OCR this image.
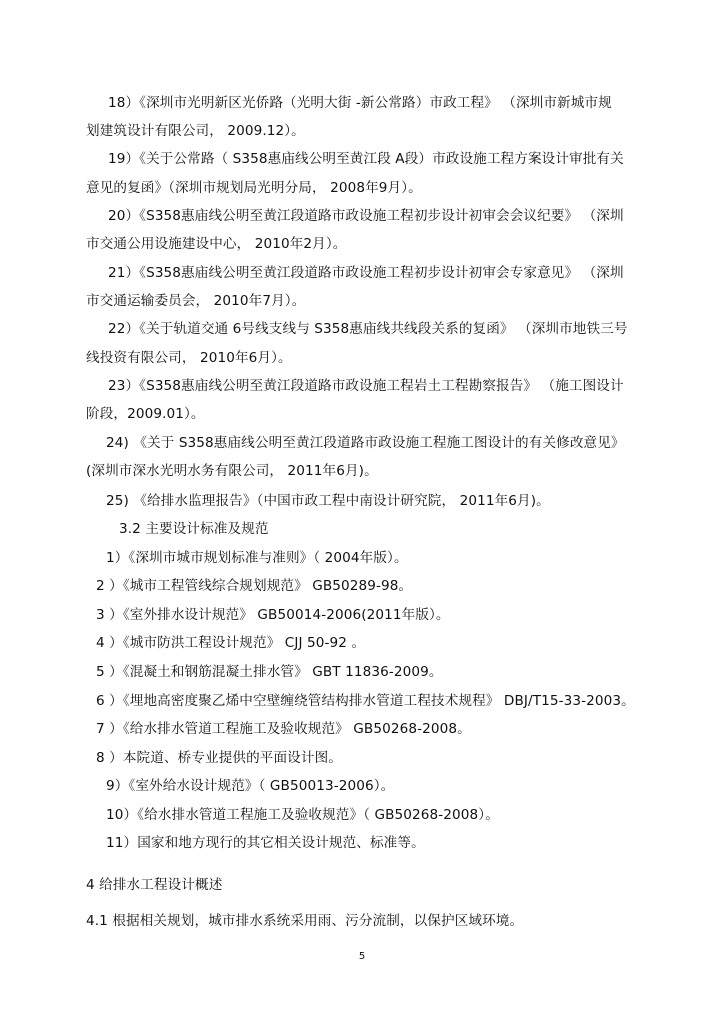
18）《深圳市光明新区光侨路（光明大街 -新公常路）市政工程》 （深圳市新城市规
划建筑设计有限公司， 2009.12）。
19）《关于公常路（ S358惠庙线公明至黄江段 A段）市政设施工程方案设计审批有关
意见的复函》（深圳市规划局光明分局， 2008年9月）。
20）《S358惠庙线公明至黄江段道路市政设施工程初步设计初审会会议纪要》 （深圳
市交通公用设施建设中心， 2010年2月）。
21）《S358惠庙线公明至黄江段道路市政设施工程初步设计初审会专家意见》 （深圳
市交通运输委员会， 2010年7月）。
22）《关于轨道交通 6号线支线与 S358惠庙线共线段关系的复函》 （深圳市地铁三号
线投资有限公司， 2010年6月）。
23）《S358惠庙线公明至黄江段道路市政设施工程岩土工程勘察报告》 （施工图设计
阶段，2009.01）。
24) 《关于 S358惠庙线公明至黄江段道路市政设施工程施工图设计的有关修改意见》
(深圳市深水光明水务有限公司， 2011年6月)。
25) 《给排水监理报告》（中国市政工程中南设计研究院， 2011年6月)。
3.2 主要设计标准及规范
1）《深圳市城市规划标准与准则》（ 2004年版）。
2 ）《城市工程管线综合规划规范》 GB50289-98。
3 ）《室外排水设计规范》 GB50014-2006(2011年版）。
4 ）《城市防洪工程设计规范》 CJJ 50-92 。
5 ）《混凝土和钢筋混凝土排水管》 GBT 11836-2009。
6 ）《埋地高密度聚乙烯中空壁缠绕管结构排水管道工程技术规程》 DBJ/T15-33-2003。
7 ）《给水排水管道工程施工及验收规范》 GB50268-2008。
8 ）本院道、桥专业提供的平面设计图。
9）《室外给水设计规范》（ GB50013-2006）。
10）《给水排水管道工程施工及验收规范》（ GB50268-2008）。
11）国家和地方现行的其它相关设计规范、标准等。
4 给排水工程设计概述
4.1 根据相关规划，城市排水系统采用雨、污分流制，以保护区域环境。
5
